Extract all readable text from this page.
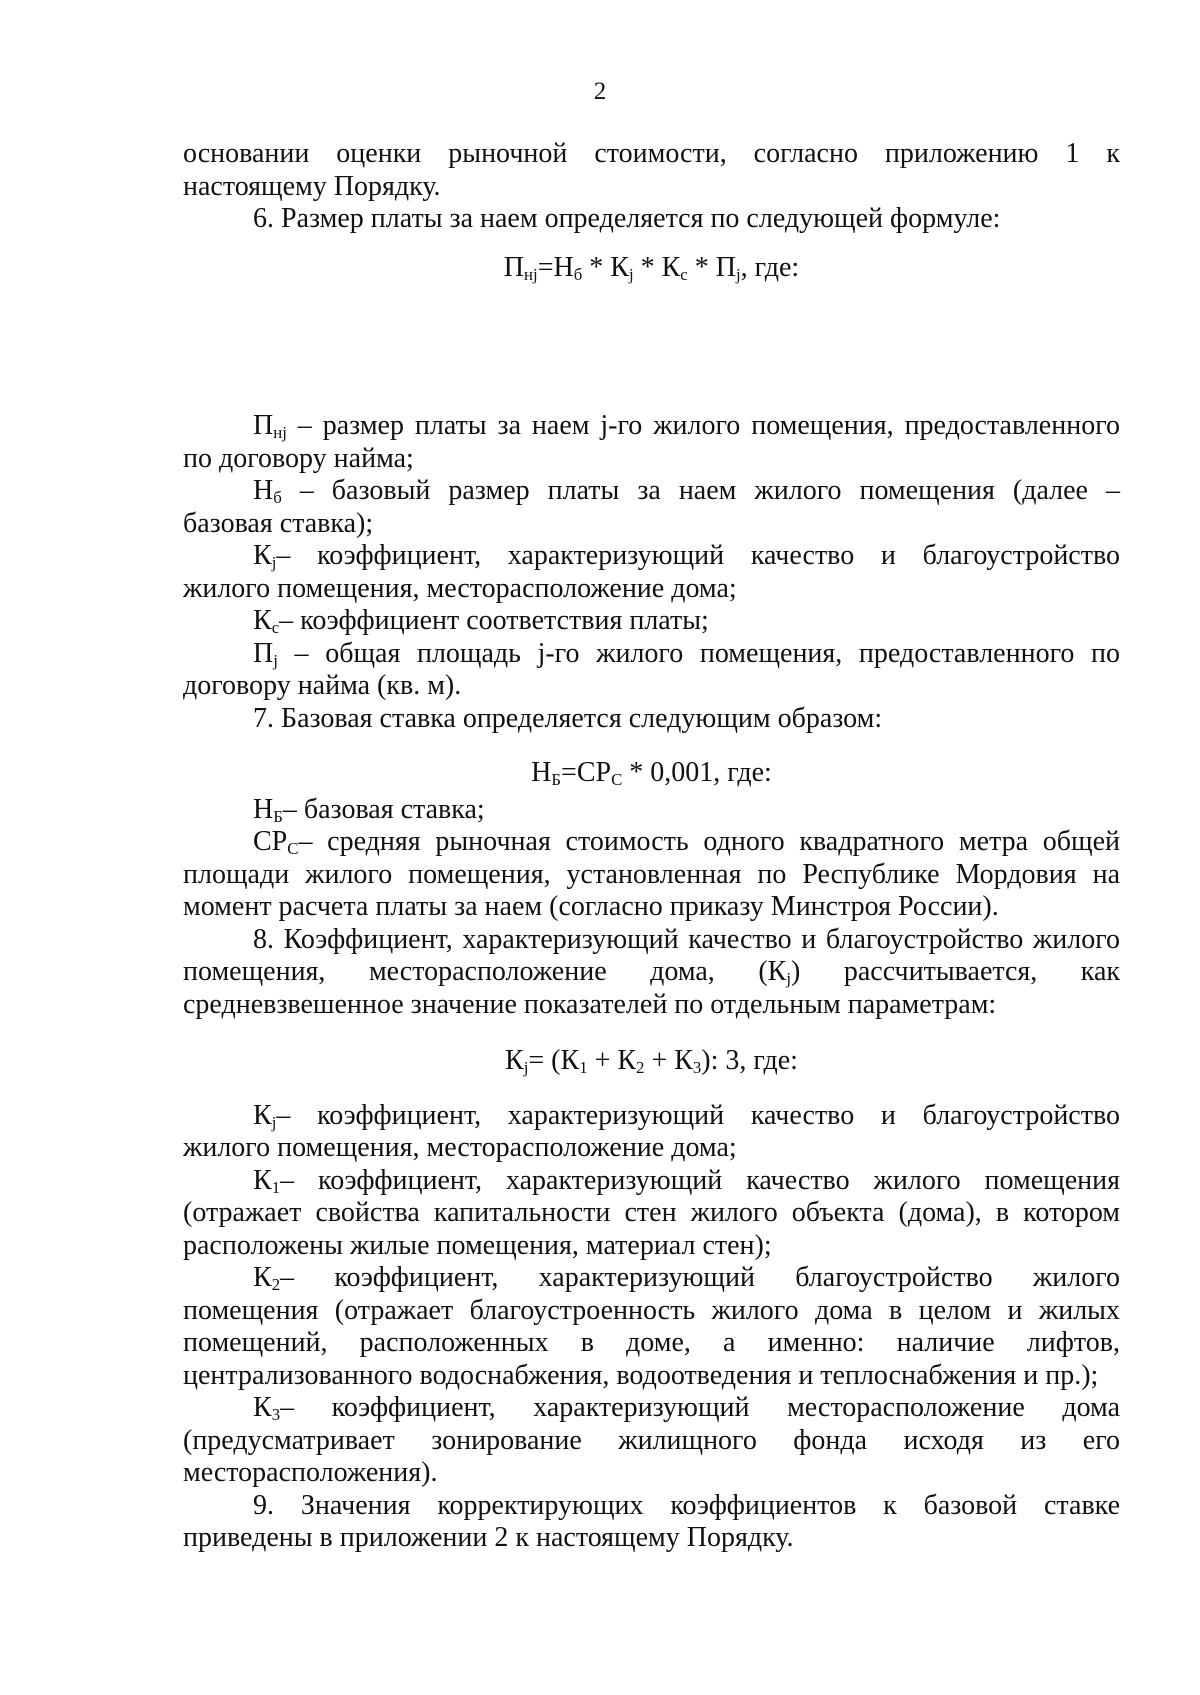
2

основании оценки рыночной стоимости, согласно приложению 1 к

настоящему Порядку.

6. Размер платы за наем определяется по следующей формуле:

$П_{нj}=Н_б * К_j * К_с * П_j$, где:

$П_{нj}$ – размер платы за наем j-го жилого помещения, предоставленного

по договору найма;

$Н_б$ – базовый размер платы за наем жилого помещения (далее –

базовая ставка);

$К_j-$ коэффициент, характеризующий качество и благоустройство

жилого помещения, месторасположение дома;

$К_с-$ коэффициент соответствия платы;

$П_j$ – общая площадь j-го жилого помещения, предоставленного по

договору найма (кв. м).

7. Базовая ставка определяется следующим образом:

$Н_Б=СР_С * 0,001$, где:

$Н_Б-$ базовая ставка;

$СР_С-$ средняя рыночная стоимость одного квадратного метра общей

площади жилого помещения, установленная по Республике Мордовия на

момент расчета платы за наем (согласно приказу Минстроя России).

8. Коэффициент, характеризующий качество и благоустройство жилого

помещения, месторасположение дома, $(К_j)$ рассчитывается, как

средневзвешенное значение показателей по отдельным параметрам:

$К_j= (К_1 + К_2 + К_3)$: 3, где:

$К_j-$ коэффициент, характеризующий качество и благоустройство

жилого помещения, месторасположение дома;

$К_1-$ коэффициент, характеризующий качество жилого помещения

(отражает свойства капитальности стен жилого объекта (дома), в котором

расположены жилые помещения, материал стен);

$К_2-$ коэффициент, характеризующий благоустройство жилого

помещения (отражает благоустроенность жилого дома в целом и жилых

помещений, расположенных в доме, а именно: наличие лифтов,

централизованного водоснабжения, водоотведения и теплоснабжения и пр.);

$К_3-$ коэффициент, характеризующий месторасположение дома

(предусматривает зонирование жилищного фонда исходя из его

месторасположения).

9. Значения корректирующих коэффициентов к базовой ставке

приведены в приложении 2 к настоящему Порядку.
